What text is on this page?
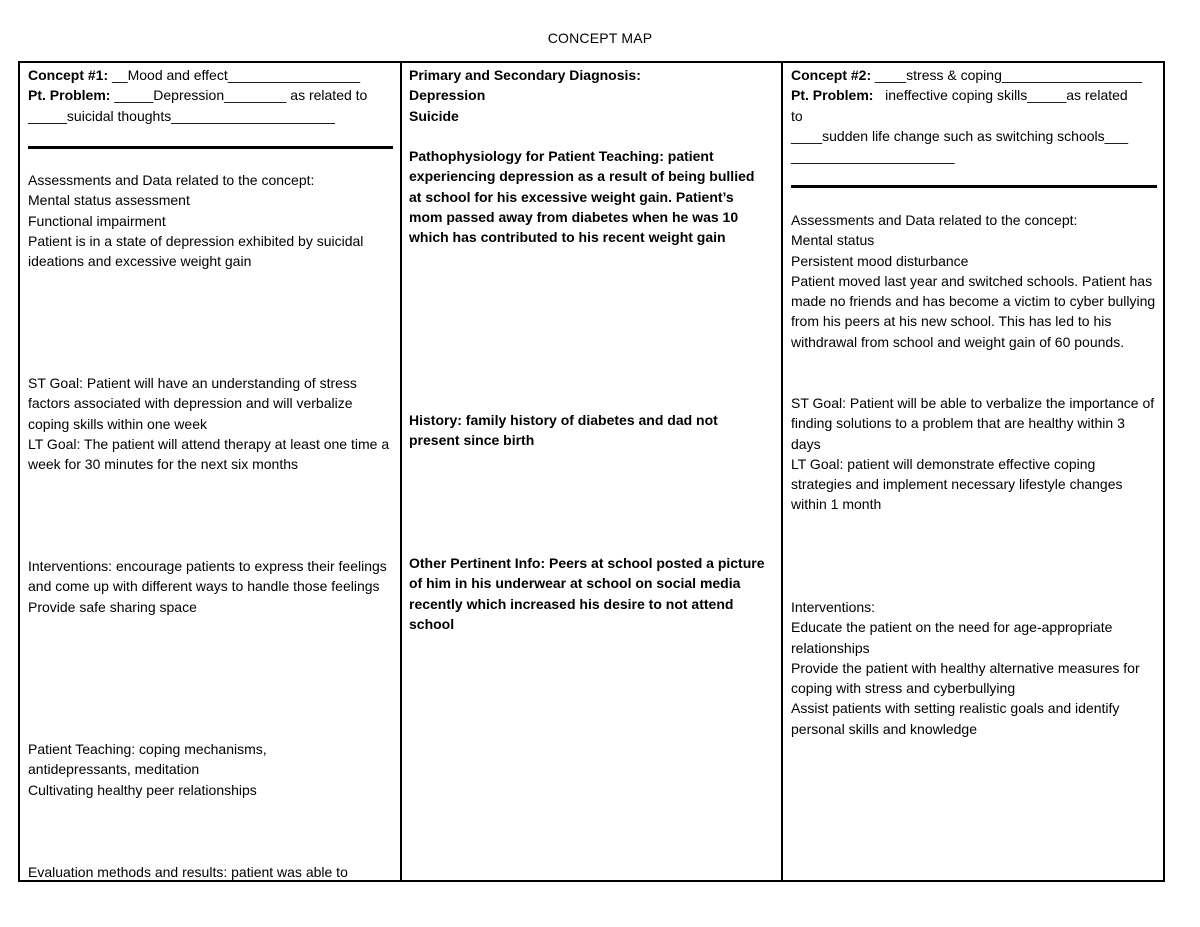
CONCEPT MAP
Concept #1: __Mood and effect_________________
Pt. Problem: _____Depression________ as related to
_____suicidal thoughts_____________________
Assessments and Data related to the concept:
Mental status assessment
Functional impairment
Patient is in a state of depression exhibited by suicidal ideations and excessive weight gain
ST Goal: Patient will have an understanding of stress factors associated with depression and will verbalize coping skills within one week
LT Goal: The patient will attend therapy at least one time a week for 30 minutes for the next six months
Interventions: encourage patients to express their feelings and come up with different ways to handle those feelings
Provide safe sharing space
Patient Teaching: coping mechanisms, antidepressants, meditation
Cultivating healthy peer relationships
Evaluation methods and results: patient was able to
Primary and Secondary Diagnosis:
Depression
Suicide
Pathophysiology for Patient Teaching: patient experiencing depression as a result of being bullied at school for his excessive weight gain. Patient’s mom passed away from diabetes when he was 10 which has contributed to his recent weight gain
History: family history of diabetes and dad not present since birth
Other Pertinent Info: Peers at school posted a picture of him in his underwear at school on social media recently which increased his desire to not attend school
Concept #2: ____stress & coping__________________
Pt. Problem:   ineffective coping skills_____as related
to
____sudden life change such as switching schools___
_____________________
Assessments and Data related to the concept:
Mental status
Persistent mood disturbance
Patient moved last year and switched schools. Patient has made no friends and has become a victim to cyber bullying from his peers at his new school. This has led to his withdrawal from school and weight gain of 60 pounds.
ST Goal: Patient will be able to verbalize the importance of finding solutions to a problem that are healthy within 3 days
LT Goal: patient will demonstrate effective coping strategies and implement necessary lifestyle changes within 1 month
Interventions:
Educate the patient on the need for age-appropriate relationships
Provide the patient with healthy alternative measures for coping with stress and cyberbullying
Assist patients with setting realistic goals and identify personal skills and knowledge
